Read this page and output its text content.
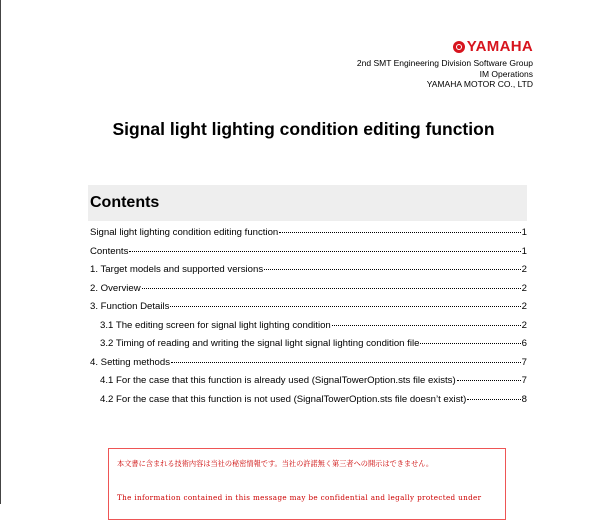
YAMAHA
2nd SMT Engineering Division Software Group
IM Operations
YAMAHA MOTOR CO., LTD
Signal light lighting condition editing function
Contents
Signal light lighting condition editing function	1
Contents	1
1. Target models and supported versions	2
2. Overview	2
3. Function Details	2
3.1 The editing screen for signal light lighting condition	2
3.2 Timing of reading and writing the signal light signal lighting condition file	6
4. Setting methods	7
4.1 For the case that this function is already used (SignalTowerOption.sts file exists)	7
4.2 For the case that this function is not used (SignalTowerOption.sts file doesn’t exist)	8
本文書に含まれる技術内容は当社の秘密情報です。当社の許諾無く第三者への開示はできません。
The information contained in this message may be confidential and legally protected under
